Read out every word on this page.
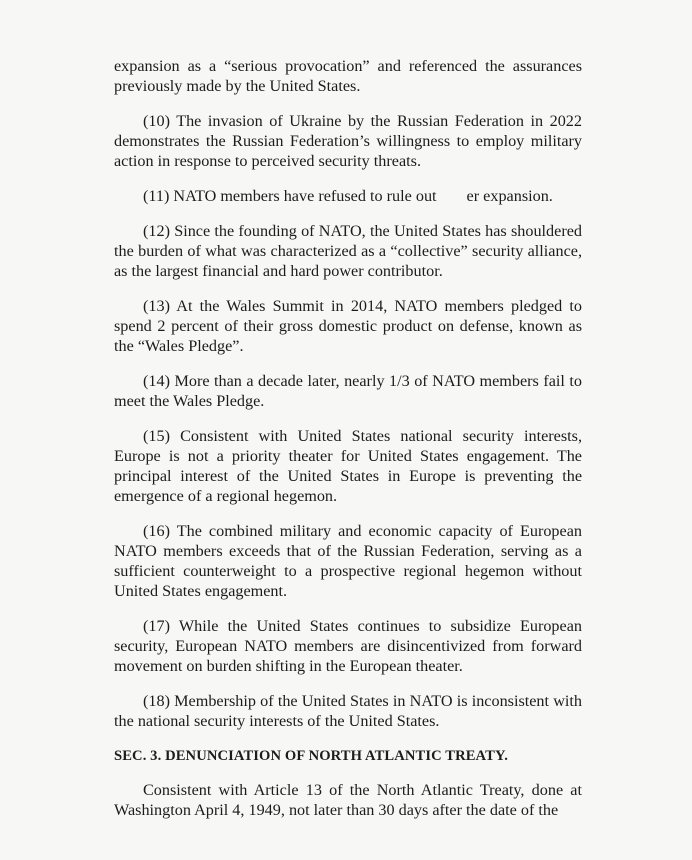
expansion as a “serious provocation” and referenced the assurances previously made by the United States.

(10) The invasion of Ukraine by the Russian Federation in 2022 demonstrates the Russian Federation’s willingness to employ military action in response to perceived security threats.

(11) NATO members have refused to rule out er expansion.

(12) Since the founding of NATO, the United States has shouldered the burden of what was characterized as a “collective” security alliance, as the largest financial and hard power contributor.

(13) At the Wales Summit in 2014, NATO members pledged to spend 2 percent of their gross domestic product on defense, known as the “Wales Pledge”.

(14) More than a decade later, nearly 1/3 of NATO members fail to meet the Wales Pledge.

(15) Consistent with United States national security interests, Europe is not a priority theater for United States engagement. The principal interest of the United States in Europe is preventing the emergence of a regional hegemon.

(16) The combined military and economic capacity of European NATO members exceeds that of the Russian Federation, serving as a sufficient counterweight to a prospective regional hegemon without United States engagement.

(17) While the United States continues to subsidize European security, European NATO members are disincentivized from forward movement on burden shifting in the European theater.

(18) Membership of the United States in NATO is inconsistent with the national security interests of the United States.

SEC. 3. DENUNCIATION OF NORTH ATLANTIC TREATY.

Consistent with Article 13 of the North Atlantic Treaty, done at Washington April 4, 1949, not later than 30 days after the date of the
